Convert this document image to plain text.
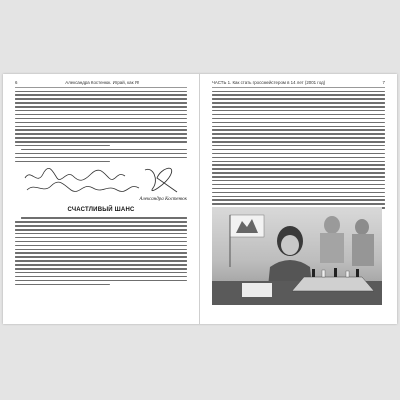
6	Александра Костенюк. Играй, как Я!
Александра Костенюк
СЧАСТЛИВЫЙ ШАНС
ЧАСТЬ 1. Как стать гроссмейстером в 14 лет (2001 год)	7
